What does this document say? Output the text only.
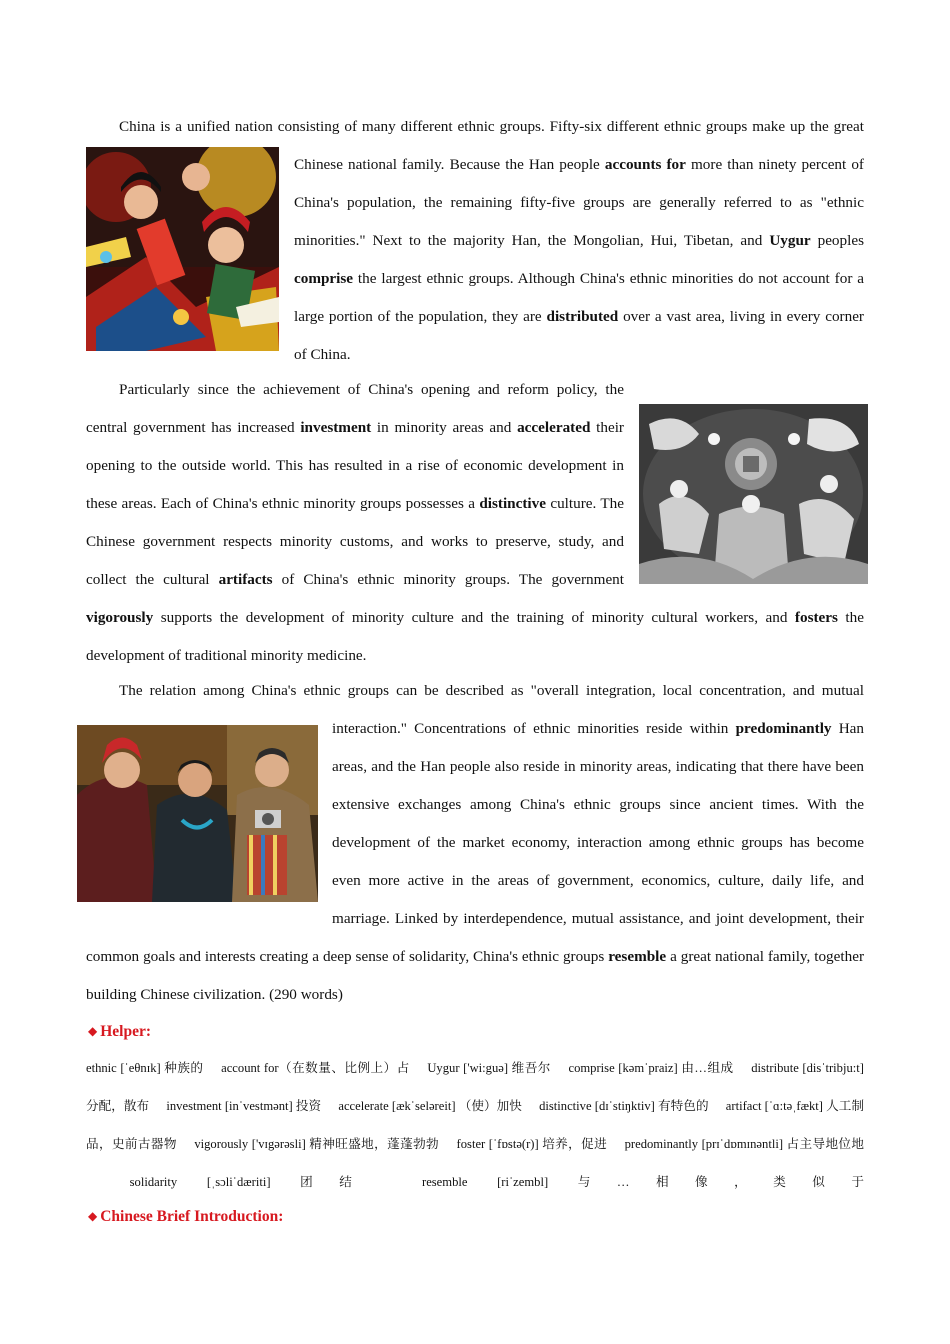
China is a unified nation consisting of many different ethnic groups. Fifty-six different ethnic groups make up the great Chinese national family. Because the Han people accounts for more than ninety percent of China's population, the remaining fifty-five groups are generally referred to as "ethnic minorities." Next to the majority Han, the Mongolian, Hui, Tibetan, and Uygur peoples comprise the largest ethnic groups. Although China's ethnic minorities do not account for a large portion of the population, they are distributed over a vast area, living in every corner of China.

Particularly since the achievement of China's opening and reform policy, the central government has increased investment in minority areas and accelerated their opening to the outside world. This has resulted in a rise of economic development in these areas. Each of China's ethnic minority groups possesses a distinctive culture. The Chinese government respects minority customs, and works to preserve, study, and collect the cultural artifacts of China's ethnic minority groups. The government vigorously supports the development of minority culture and the training of minority cultural workers, and fosters the development of traditional minority medicine.

The relation among China's ethnic groups can be described as "overall integration, local concentration, and mutual interaction." Concentrations of ethnic minorities reside within predominantly Han areas, and the Han people also reside in minority areas, indicating that there have been extensive exchanges among China's ethnic groups since ancient times. With the development of the market economy, interaction among ethnic groups has become even more active in the areas of government, economics, culture, daily life, and marriage. Linked by interdependence, mutual assistance, and joint development, their common goals and interests creating a deep sense of solidarity, China's ethnic groups resemble a great national family, together building Chinese civilization. (290 words)

◆ Helper:

ethnic [ˈeθnɪk] 种族的 account for（在数量、比例上）占 Uygur ['wi:guə] 维吾尔 comprise [kəmˈpraiz] 由…组成 distribute [disˈtribju:t] 分配，散布 investment [inˈvestmənt] 投资 accelerate [ækˈseləreit] （使）加快 distinctive [dɪˈstiŋktiv] 有特色的 artifact [ˈɑ:təˌfækt] 人工制品，史前古器物 vigorously ['vɪgərəsli] 精神旺盛地，蓬蓬勃勃 foster [ˈfɒstə(r)] 培养，促进 predominantly [prɪˈdɒmɪnəntli] 占主导地位地 solidarity [ˌsɔliˈdæriti] 团结	resemble [riˈzembl] 与…相像，类似于

◆ Chinese Brief Introduction:
